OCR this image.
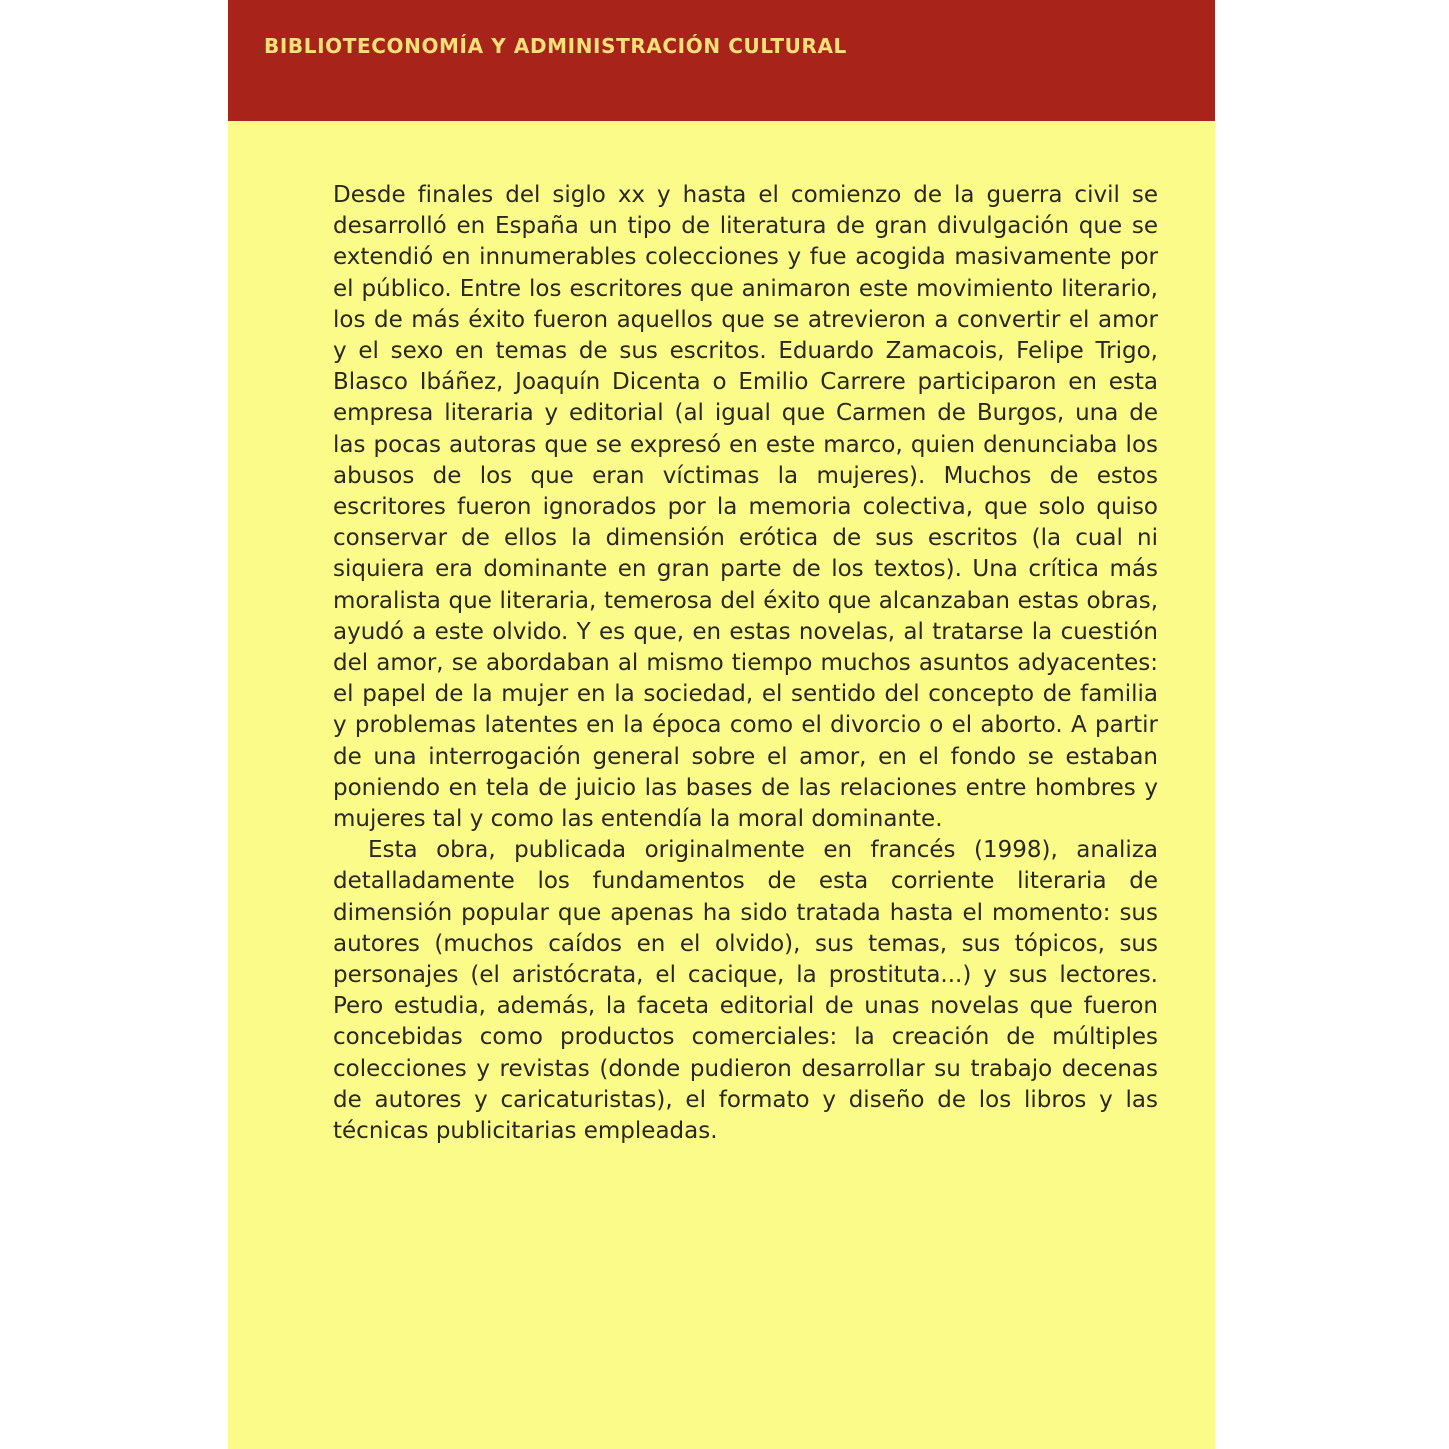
BIBLIOTECONOMÍA Y ADMINISTRACIÓN CULTURAL

Desde finales del siglo xx y hasta el comienzo de la guerra civil se desarrolló en España un tipo de literatura de gran divulgación que se extendió en innumerables colecciones y fue acogida masivamente por el público. Entre los escritores que animaron este movimiento literario, los de más éxito fueron aquellos que se atrevieron a convertir el amor y el sexo en temas de sus escritos. Eduardo Zamacois, Felipe Trigo, Blasco Ibáñez, Joaquín Dicenta o Emilio Carrere participaron en esta empresa literaria y editorial (al igual que Carmen de Burgos, una de las pocas autoras que se expresó en este marco, quien denunciaba los abusos de los que eran víctimas la mujeres). Muchos de estos escritores fueron ignorados por la memoria colectiva, que solo quiso conservar de ellos la dimensión erótica de sus escritos (la cual ni siquiera era dominante en gran parte de los textos). Una crítica más moralista que literaria, temerosa del éxito que alcanzaban estas obras, ayudó a este olvido. Y es que, en estas novelas, al tratarse la cuestión del amor, se abordaban al mismo tiempo muchos asuntos adyacentes: el papel de la mujer en la sociedad, el sentido del concepto de familia y problemas latentes en la época como el divorcio o el aborto. A partir de una interrogación general sobre el amor, en el fondo se estaban poniendo en tela de juicio las bases de las relaciones entre hombres y mujeres tal y como las entendía la moral dominante.

Esta obra, publicada originalmente en francés (1998), analiza detalladamente los fundamentos de esta corriente literaria de dimensión popular que apenas ha sido tratada hasta el momento: sus autores (muchos caídos en el olvido), sus temas, sus tópicos, sus personajes (el aristócrata, el cacique, la prostituta...) y sus lectores. Pero estudia, además, la faceta editorial de unas novelas que fueron concebidas como productos comerciales: la creación de múltiples colecciones y revistas (donde pudieron desarrollar su trabajo decenas de autores y caricaturistas), el formato y diseño de los libros y las técnicas publicitarias empleadas.
